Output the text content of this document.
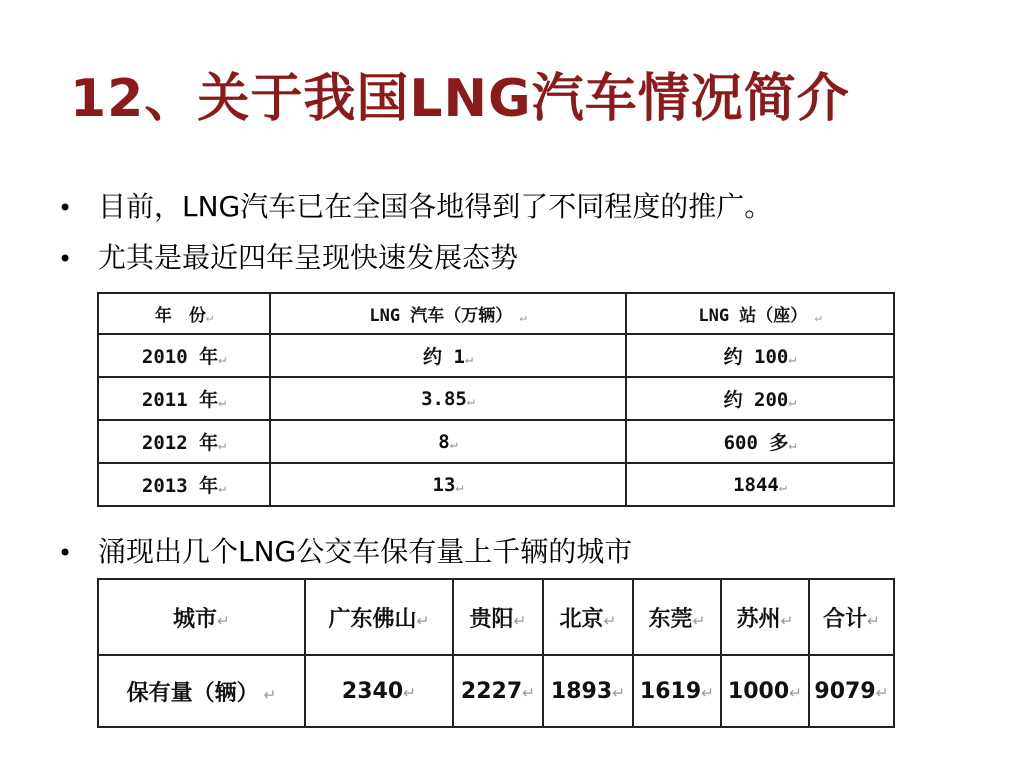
12、关于我国LNG汽车情况简介
• 目前，LNG汽车已在全国各地得到了不同程度的推广。
• 尤其是最近四年呈现快速发展态势
年　份↵	LNG 汽车（万辆） ↵	LNG 站（座） ↵
2010 年↵	约 1↵	约 100↵
2011 年↵	3.85↵	约 200↵
2012 年↵	8↵	600 多↵
2013 年↵	13↵	1844↵
• 涌现出几个LNG公交车保有量上千辆的城市
城市↵	广东佛山↵	贵阳↵	北京↵	东莞↵	苏州↵	合计↵
保有量（辆） ↵	2340↵	2227↵	1893↵	1619↵	1000↵	9079↵
